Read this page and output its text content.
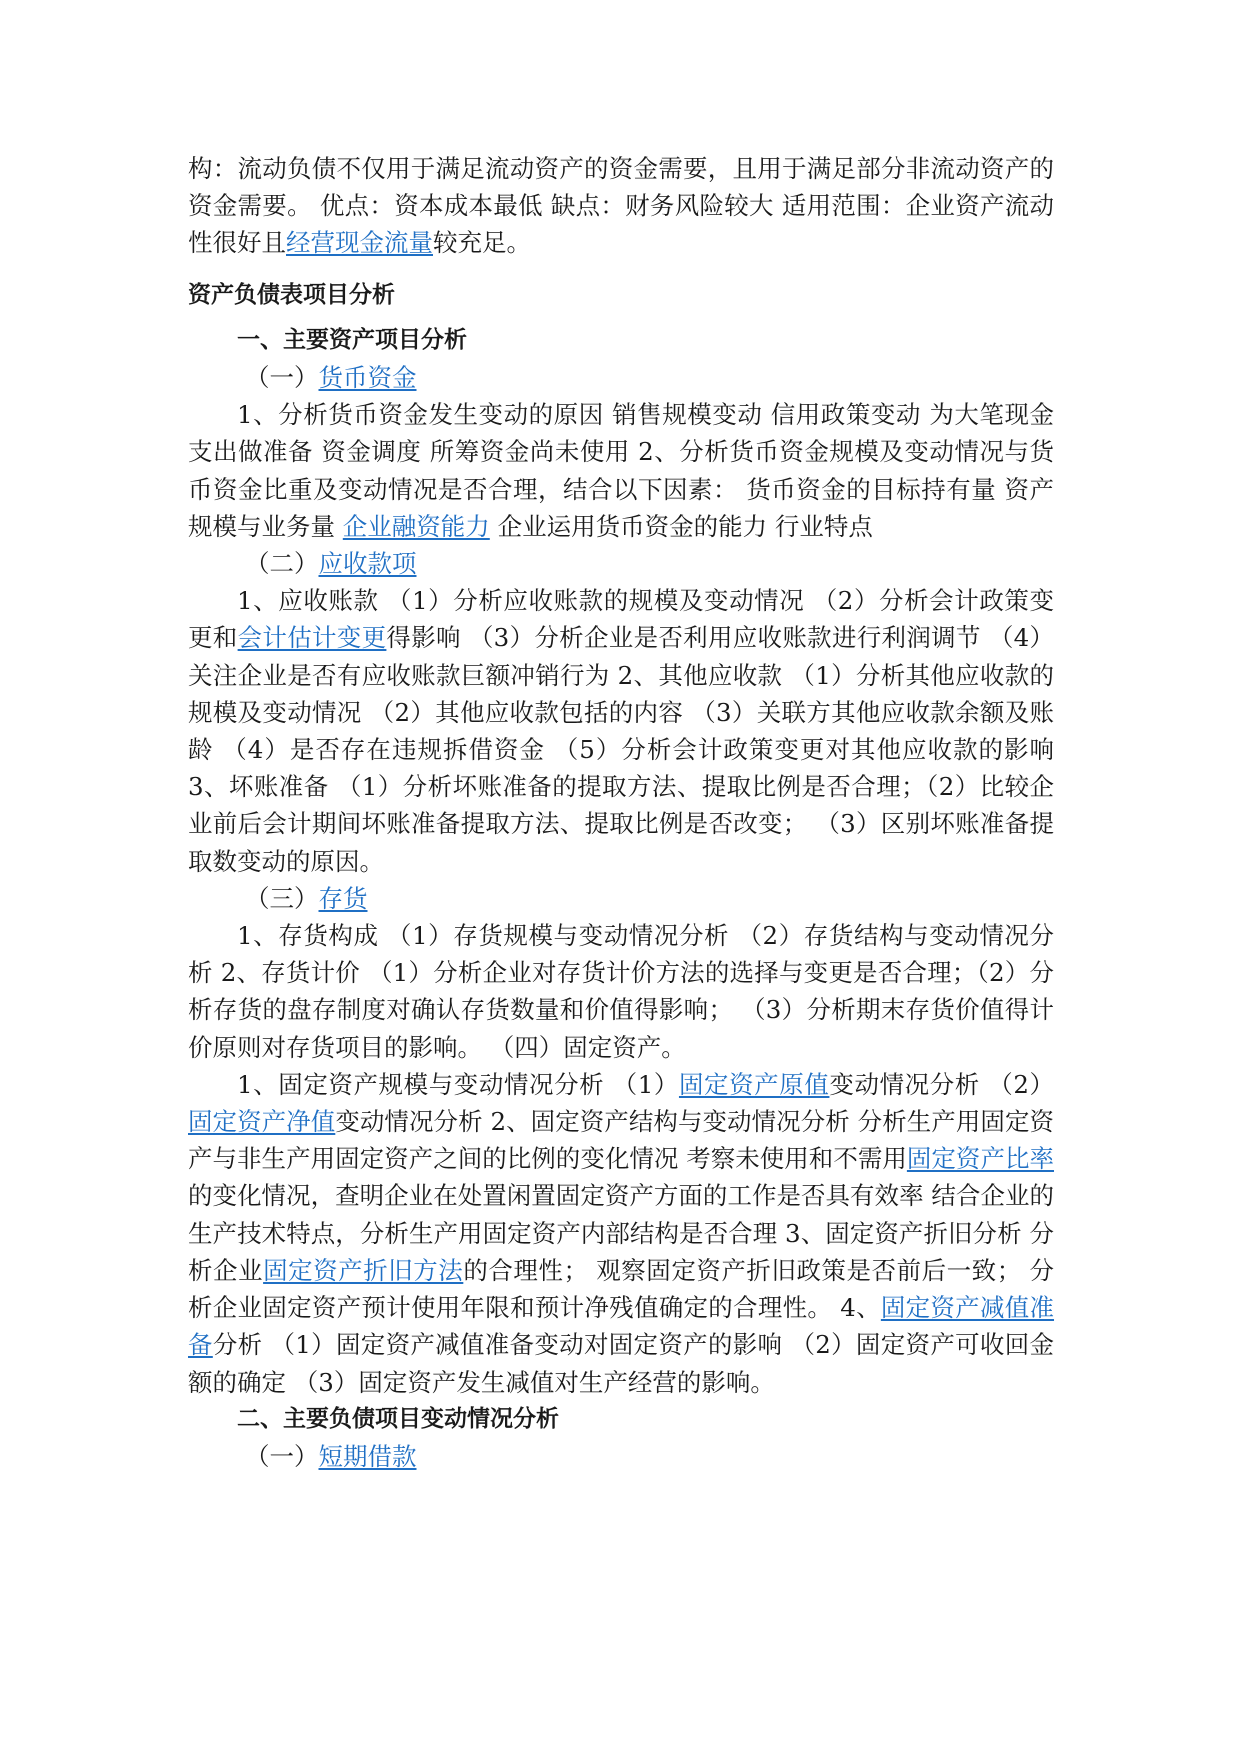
构：流动负债不仅用于满足流动资产的资金需要，且用于满足部分非流动资产的资金需要。 优点：资本成本最低 缺点：财务风险较大 适用范围：企业资产流动性很好且经营现金流量较充足。

资产负债表项目分析

一、主要资产项目分析

（一）货币资金

1、分析货币资金发生变动的原因 销售规模变动 信用政策变动 为大笔现金支出做准备 资金调度 所筹资金尚未使用 2、分析货币资金规模及变动情况与货币资金比重及变动情况是否合理，结合以下因素： 货币资金的目标持有量 资产规模与业务量 企业融资能力 企业运用货币资金的能力 行业特点

（二）应收款项

1、应收账款 （1）分析应收账款的规模及变动情况 （2）分析会计政策变更和会计估计变更得影响 （3）分析企业是否利用应收账款进行利润调节 （4）关注企业是否有应收账款巨额冲销行为 2、其他应收款 （1）分析其他应收款的规模及变动情况 （2）其他应收款包括的内容 （3）关联方其他应收款余额及账龄 （4）是否存在违规拆借资金 （5）分析会计政策变更对其他应收款的影响 3、坏账准备 （1）分析坏账准备的提取方法、提取比例是否合理；（2）比较企业前后会计期间坏账准备提取方法、提取比例是否改变； （3）区别坏账准备提取数变动的原因。

（三）存货

1、存货构成 （1）存货规模与变动情况分析 （2）存货结构与变动情况分析 2、存货计价 （1）分析企业对存货计价方法的选择与变更是否合理；（2）分析存货的盘存制度对确认存货数量和价值得影响； （3）分析期末存货价值得计价原则对存货项目的影响。 （四）固定资产。

1、固定资产规模与变动情况分析 （1）固定资产原值变动情况分析 （2）固定资产净值变动情况分析 2、固定资产结构与变动情况分析 分析生产用固定资产与非生产用固定资产之间的比例的变化情况 考察未使用和不需用固定资产比率的变化情况，查明企业在处置闲置固定资产方面的工作是否具有效率 结合企业的生产技术特点，分析生产用固定资产内部结构是否合理 3、固定资产折旧分析 分析企业固定资产折旧方法的合理性； 观察固定资产折旧政策是否前后一致； 分析企业固定资产预计使用年限和预计净残值确定的合理性。 4、固定资产减值准备分析 （1）固定资产减值准备变动对固定资产的影响 （2）固定资产可收回金额的确定 （3）固定资产发生减值对生产经营的影响。

二、主要负债项目变动情况分析

（一）短期借款
